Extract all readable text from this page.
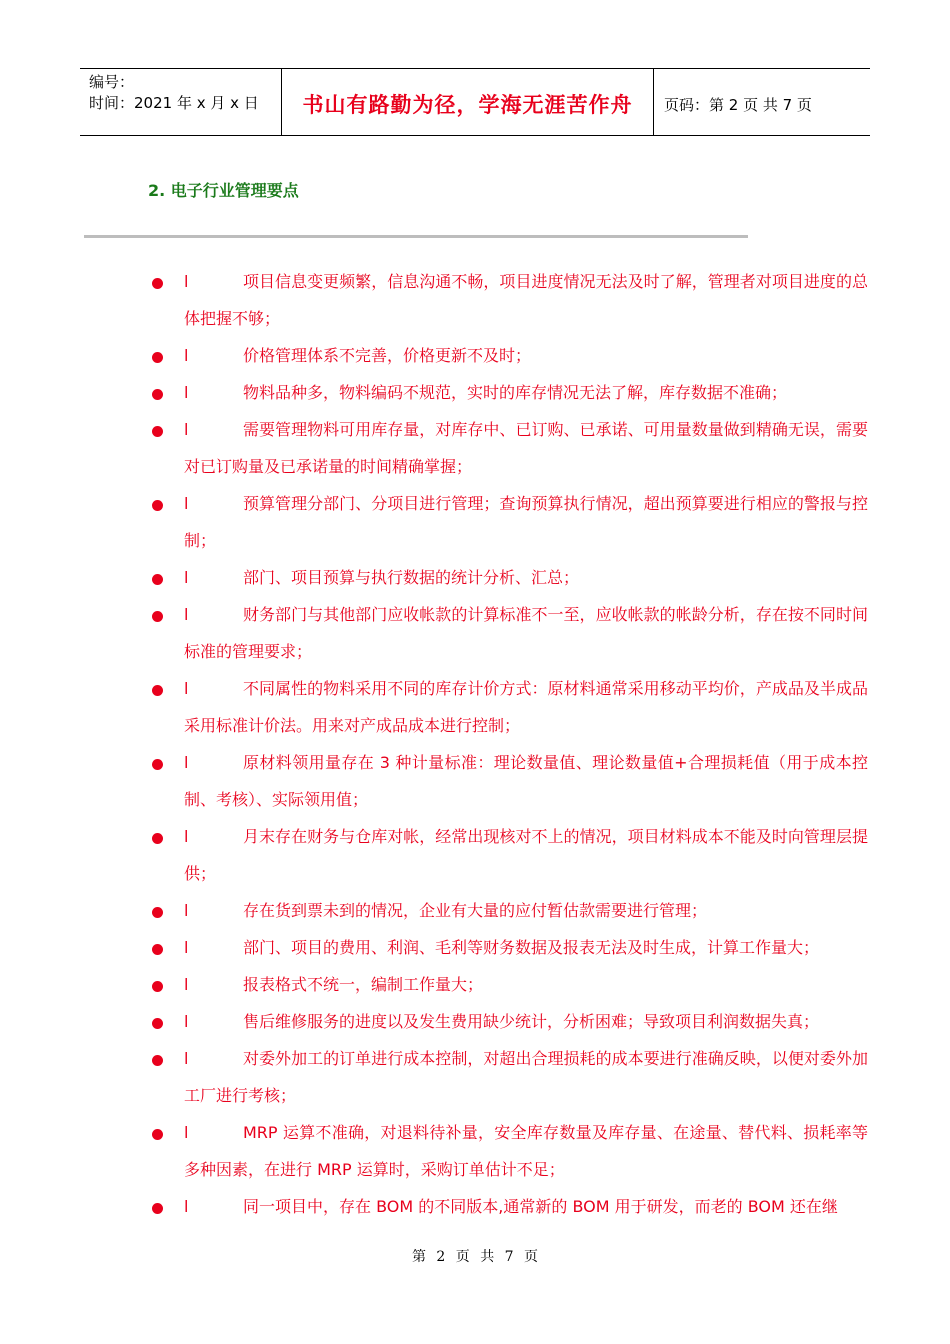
编号：
时间：2021 年 x 月 x 日	书山有路勤为径，学海无涯苦作舟	页码：第 2 页 共 7 页
2. 电子行业管理要点
l	项目信息变更频繁，信息沟通不畅，项目进度情况无法及时了解，管理者对项目进度的总体把握不够；

l	价格管理体系不完善，价格更新不及时；

l	物料品种多，物料编码不规范，实时的库存情况无法了解，库存数据不准确；

l	需要管理物料可用库存量，对库存中、已订购、已承诺、可用量数量做到精确无误，需要对已订购量及已承诺量的时间精确掌握；

l	预算管理分部门、分项目进行管理；查询预算执行情况，超出预算要进行相应的警报与控制；

l	部门、项目预算与执行数据的统计分析、汇总；

l	财务部门与其他部门应收帐款的计算标准不一至，应收帐款的帐龄分析，存在按不同时间标准的管理要求；

l	不同属性的物料采用不同的库存计价方式：原材料通常采用移动平均价，产成品及半成品采用标准计价法。用来对产成品成本进行控制；

l	原材料领用量存在 3 种计量标准：理论数量值、理论数量值+合理损耗值（用于成本控制、考核）、实际领用值；

l	月末存在财务与仓库对帐，经常出现核对不上的情况，项目材料成本不能及时向管理层提供；

l	存在货到票未到的情况，企业有大量的应付暂估款需要进行管理；

l	部门、项目的费用、利润、毛利等财务数据及报表无法及时生成，计算工作量大；

l	报表格式不统一，编制工作量大；

l	售后维修服务的进度以及发生费用缺少统计，分析困难；导致项目利润数据失真；

l	对委外加工的订单进行成本控制，对超出合理损耗的成本要进行准确反映，以便对委外加工厂进行考核；

l	MRP 运算不准确，对退料待补量，安全库存数量及库存量、在途量、替代料、损耗率等多种因素，在进行 MRP 运算时，采购订单估计不足；

l	同一项目中，存在 BOM 的不同版本,通常新的 BOM 用于研发，而老的 BOM 还在继

第 2 页 共 7 页
